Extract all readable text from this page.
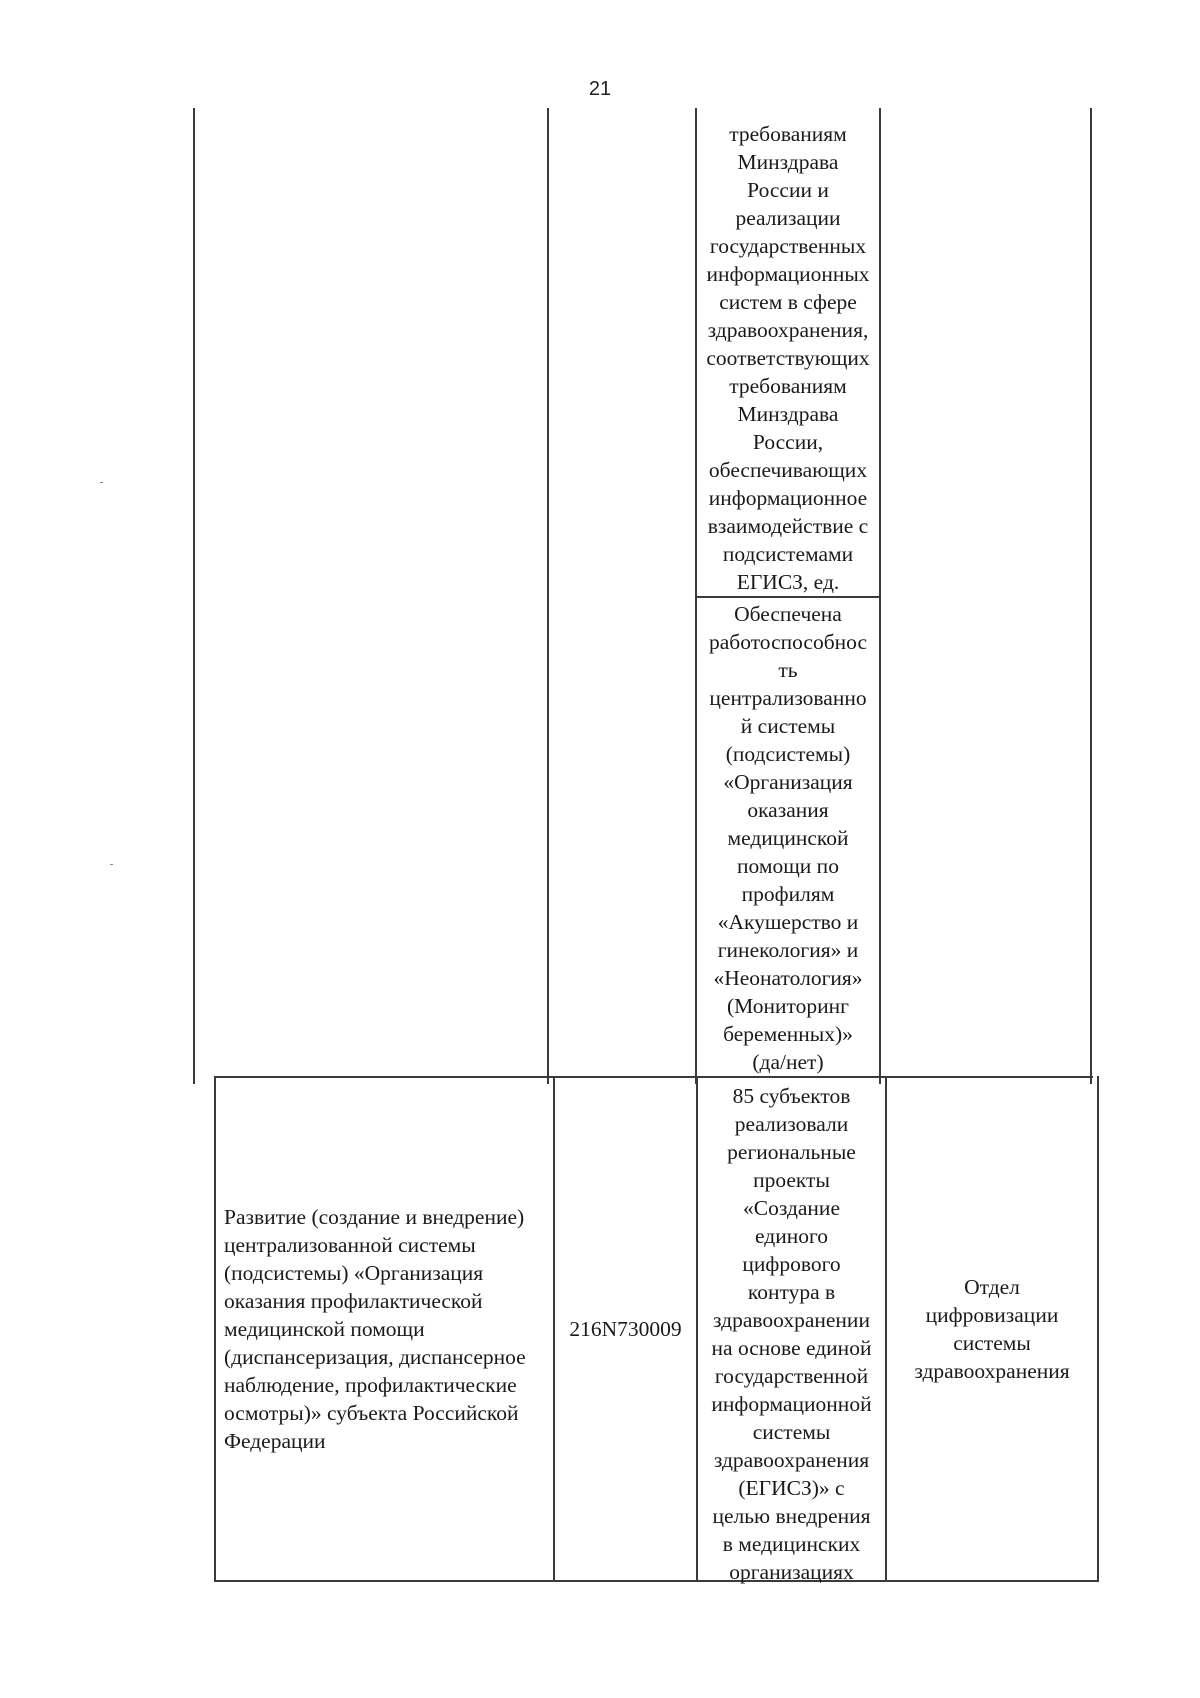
21
требованиям
Минздрава
России и
реализации
государственных
информационных
систем в сфере
здравоохранения,
соответствующих
требованиям
Минздрава
России,
обеспечивающих
информационное
взаимодействие с
подсистемами
ЕГИСЗ, ед.
Обеспечена
работоспособнос
ть
централизованно
й системы
(подсистемы)
«Организация
оказания
медицинской
помощи по
профилям
«Акушерство и
гинекология» и
«Неонатология»
(Мониторинг
беременных)»
(да/нет)
Развитие (создание и внедрение)
централизованной системы
(подсистемы) «Организация
оказания профилактической
медицинской помощи
(диспансеризация, диспансерное
наблюдение, профилактические
осмотры)» субъекта Российской
Федерации
216N730009
85 субъектов
реализовали
региональные
проекты
«Создание
единого
цифрового
контура в
здравоохранении
на основе единой
государственной
информационной
системы
здравоохранения
(ЕГИСЗ)» с
целью внедрения
в медицинских
организациях
Отдел
цифровизации
системы
здравоохранения
